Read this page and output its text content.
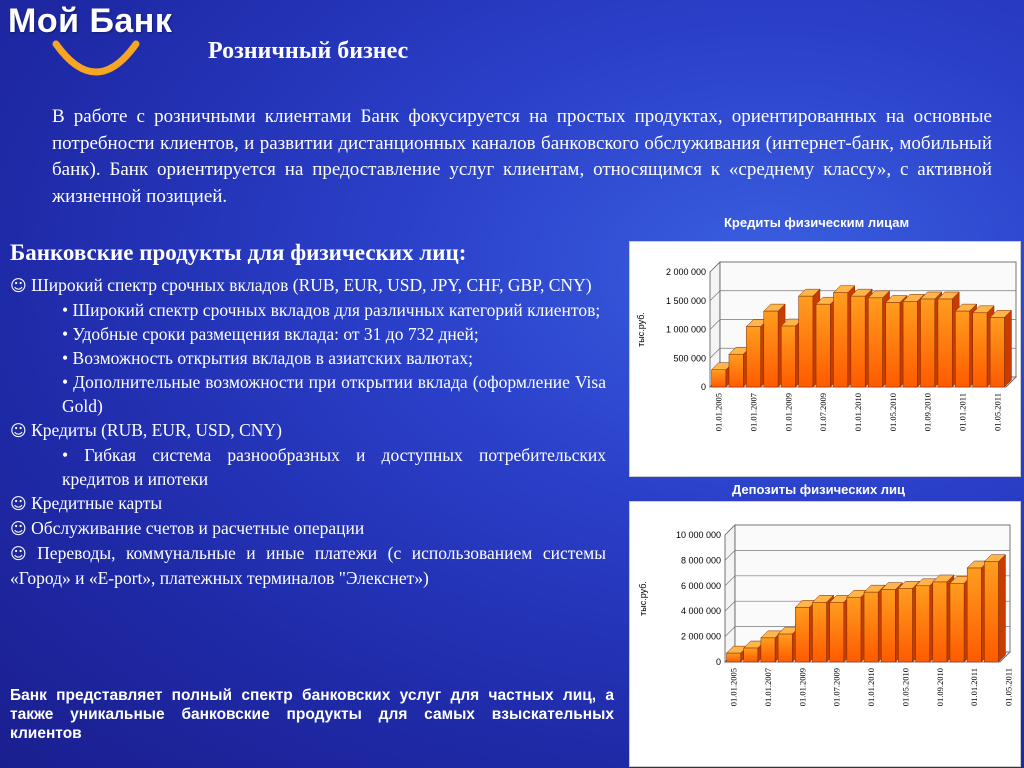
Мой Банк
Розничный бизнес
В работе с розничными клиентами Банк фокусируется на простых продуктах, ориентированных на основные потребности клиентов, и развитии дистанционных каналов банковского обслуживания (интернет-банк, мобильный банк). Банк ориентируется на предоставление услуг клиентам, относящимся к «среднему классу», с активной жизненной позицией.
Банковские продукты для физических лиц:

☺ Широкий спектр срочных вкладов (RUB, EUR, USD, JPY, CHF, GBP, CNY)

• Широкий спектр срочных вкладов для различных категорий клиентов;

• Удобные сроки размещения вклада: от 31 до 732 дней;

• Возможность открытия вкладов в азиатских валютах;

• Дополнительные возможности при открытии вклада (оформление Visa Gold)

☺ Кредиты (RUB, EUR, USD, CNY)

• Гибкая система разнообразных и доступных потребительских кредитов и ипотеки

☺ Кредитные карты

☺ Обслуживание счетов и расчетные операции

☺ Переводы, коммунальные и иные платежи (с использованием системы «Город» и «E-port», платежных терминалов "Элекснет»)

Банк представляет полный спектр банковских услуг для частных лиц, а также уникальные банковские продукты для самых взыскательных клиентов
Кредиты физическим лицам
0
500 000
1 000 000
1 500 000
2 000 000
тыс.руб.
01.01.2005	01.01.2007	01.01.2009	01.07.2009	01.01.2010	01.05.2010	01.09.2010	01.01.2011	01.05.2011
Депозиты физических лиц
0
2 000 000
4 000 000
6 000 000
8 000 000
10 000 000
тыс.руб.
01.01.2005	01.01.2007	01.01.2009	01.07.2009	01.01.2010	01.05.2010	01.09.2010	01.01.2011	01.05.2011
